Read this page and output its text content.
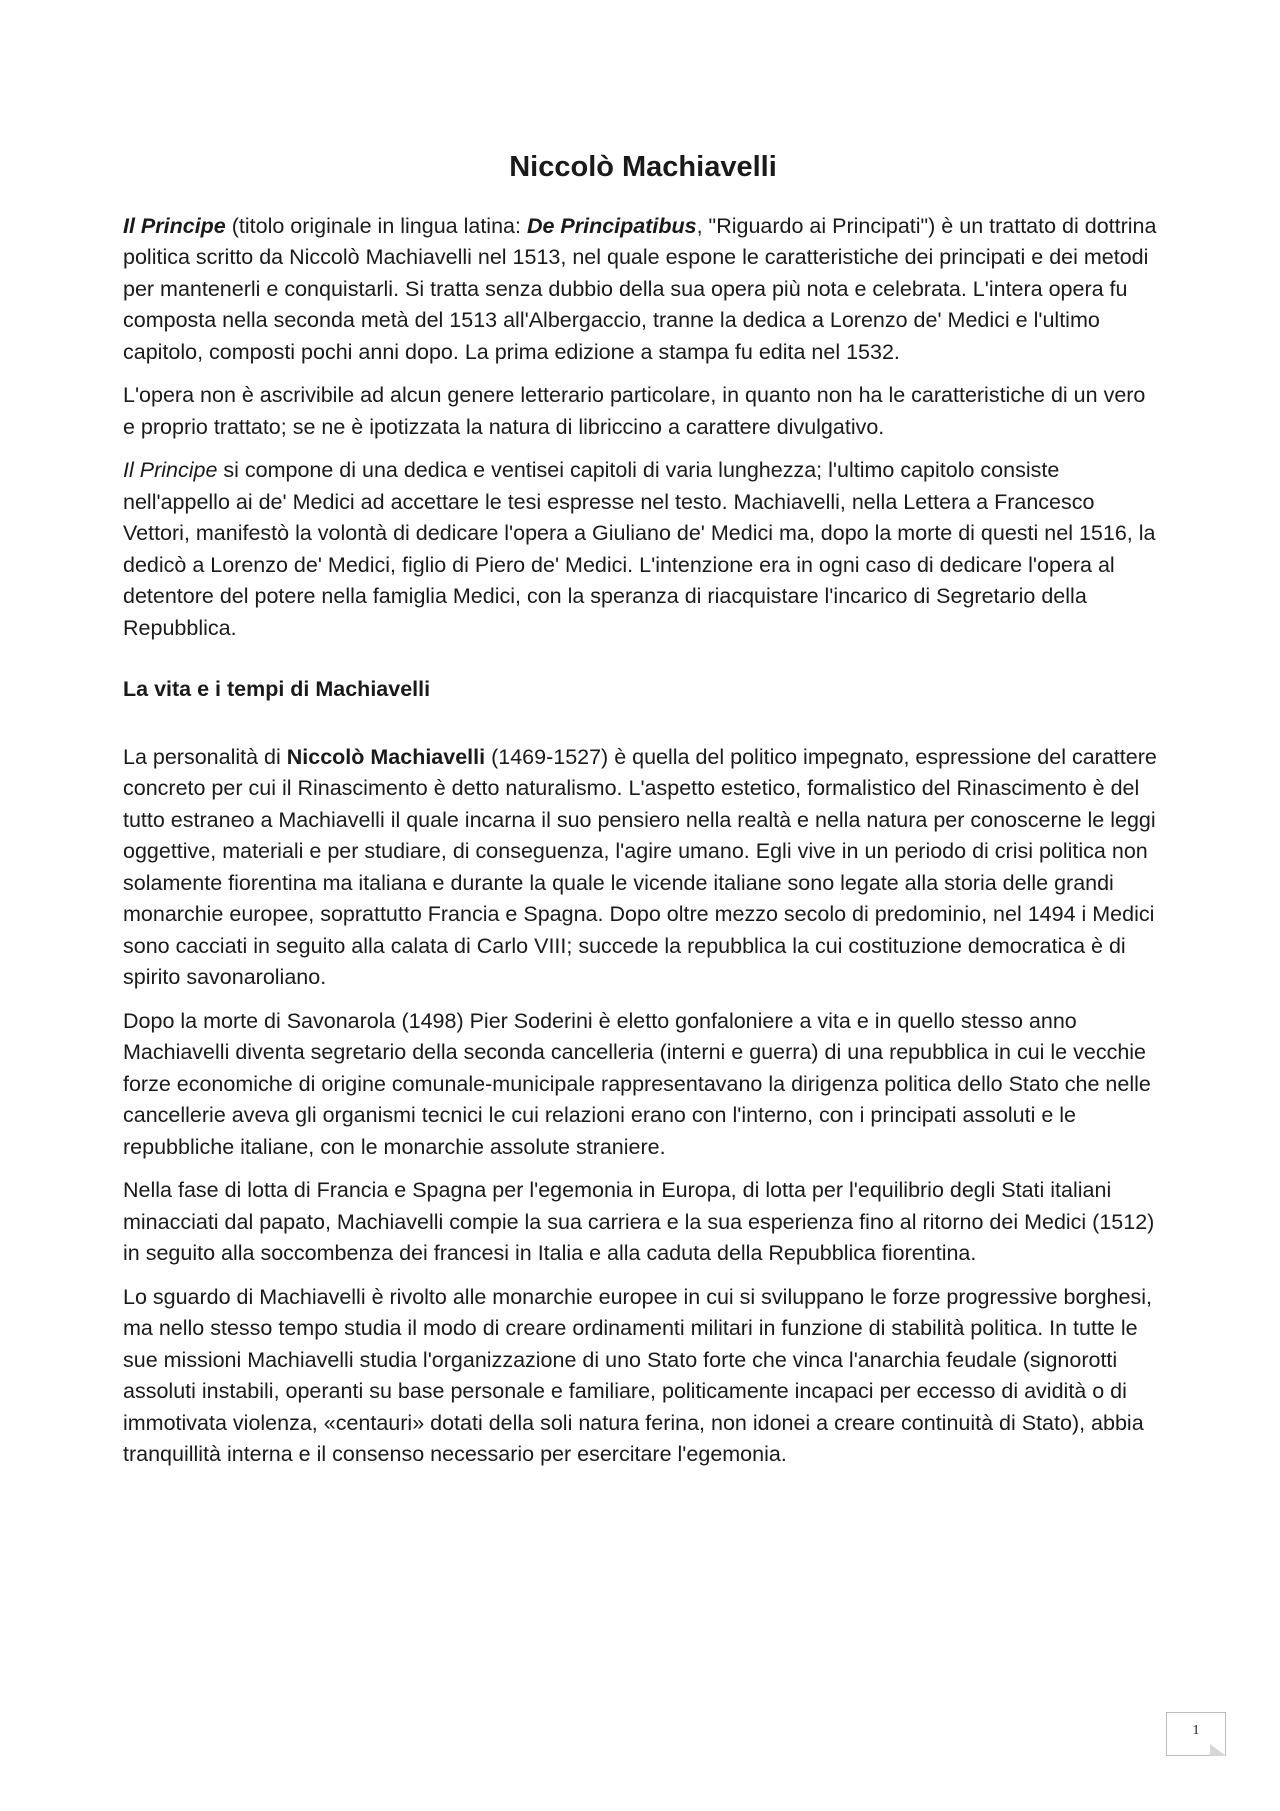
Niccolò Machiavelli

Il Principe (titolo originale in lingua latina: De Principatibus, "Riguardo ai Principati") è un trattato di dottrina politica scritto da Niccolò Machiavelli nel 1513, nel quale espone le caratteristiche dei principati e dei metodi per mantenerli e conquistarli. Si tratta senza dubbio della sua opera più nota e celebrata. L'intera opera fu composta nella seconda metà del 1513 all'Albergaccio, tranne la dedica a Lorenzo de' Medici e l'ultimo capitolo, composti pochi anni dopo. La prima edizione a stampa fu edita nel 1532.

L'opera non è ascrivibile ad alcun genere letterario particolare, in quanto non ha le caratteristiche di un vero e proprio trattato; se ne è ipotizzata la natura di libriccino a carattere divulgativo.

Il Principe si compone di una dedica e ventisei capitoli di varia lunghezza; l'ultimo capitolo consiste nell'appello ai de' Medici ad accettare le tesi espresse nel testo. Machiavelli, nella Lettera a Francesco Vettori, manifestò la volontà di dedicare l'opera a Giuliano de' Medici ma, dopo la morte di questi nel 1516, la dedicò a Lorenzo de' Medici, figlio di Piero de' Medici. L'intenzione era in ogni caso di dedicare l'opera al detentore del potere nella famiglia Medici, con la speranza di riacquistare l'incarico di Segretario della Repubblica.

La vita e i tempi di Machiavelli

La personalità di Niccolò Machiavelli (1469-1527) è quella del politico impegnato, espressione del carattere concreto per cui il Rinascimento è detto naturalismo. L'aspetto estetico, formalistico del Rinascimento è del tutto estraneo a Machiavelli il quale incarna il suo pensiero nella realtà e nella natura per conoscerne le leggi oggettive, materiali e per studiare, di conseguenza, l'agire umano. Egli vive in un periodo di crisi politica non solamente fiorentina ma italiana e durante la quale le vicende italiane sono legate alla storia delle grandi monarchie europee, soprattutto Francia e Spagna. Dopo oltre mezzo secolo di predominio, nel 1494 i Medici sono cacciati in seguito alla calata di Carlo VIII; succede la repubblica la cui costituzione democratica è di spirito savonaroliano.

Dopo la morte di Savonarola (1498) Pier Soderini è eletto gonfaloniere a vita e in quello stesso anno Machiavelli diventa segretario della seconda cancelleria (interni e guerra) di una repubblica in cui le vecchie forze economiche di origine comunale-municipale rappresentavano la dirigenza politica dello Stato che nelle cancellerie aveva gli organismi tecnici le cui relazioni erano con l'interno, con i principati assoluti e le repubbliche italiane, con le monarchie assolute straniere.

Nella fase di lotta di Francia e Spagna per l'egemonia in Europa, di lotta per l'equilibrio degli Stati italiani minacciati dal papato, Machiavelli compie la sua carriera e la sua esperienza fino al ritorno dei Medici (1512) in seguito alla soccombenza dei francesi in Italia e alla caduta della Repubblica fiorentina.

Lo sguardo di Machiavelli è rivolto alle monarchie europee in cui si sviluppano le forze progressive borghesi, ma nello stesso tempo studia il modo di creare ordinamenti militari in funzione di stabilità politica. In tutte le sue missioni Machiavelli studia l'organizzazione di uno Stato forte che vinca l'anarchia feudale (signorotti assoluti instabili, operanti su base personale e familiare, politicamente incapaci per eccesso di avidità o di immotivata violenza, «centauri» dotati della soli natura ferina, non idonei a creare continuità di Stato), abbia tranquillità interna e il consenso necessario per esercitare l'egemonia.

1
